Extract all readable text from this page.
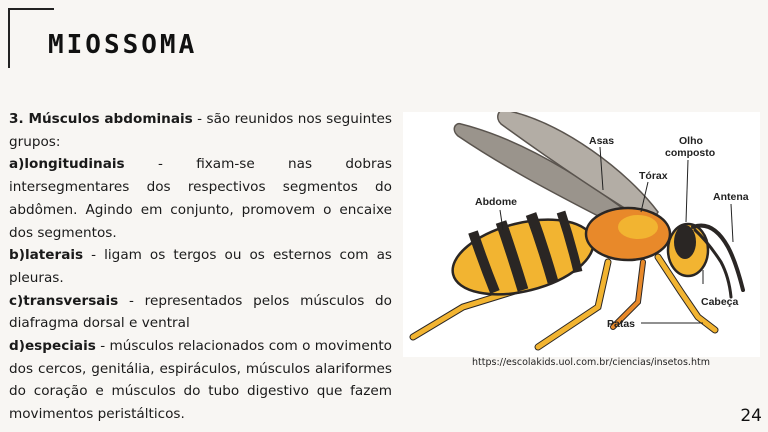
MIOSSOMA

3. Músculos abdominais - são reunidos nos seguintes grupos:

a)longitudinais - fixam-se nas dobras intersegmentares dos respectivos segmentos do abdômen. Agindo em conjunto, promovem o encaixe dos segmentos.

b)laterais - ligam os tergos ou os esternos com as pleuras.

c)transversais - representados pelos músculos do diafragma dorsal e ventral

d)especiais - músculos relacionados com o movimento dos cercos, genitália, espiráculos, músculos alariformes do coração e músculos do tubo digestivo que fazem movimentos peristálticos.

Asas	Olho
composto
Tórax
Abdome	Antena
Cabeça
Patas
https://escolakids.uol.com.br/ciencias/insetos.htm
24
